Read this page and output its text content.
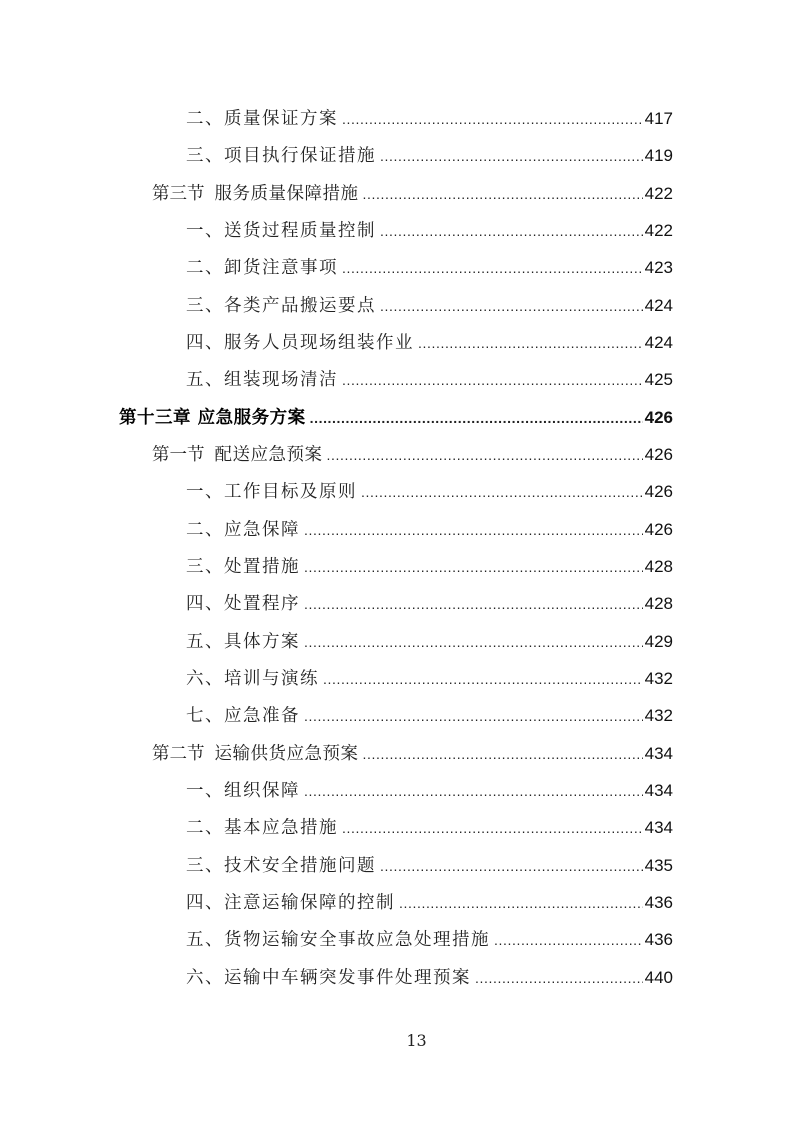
二、质量保证方案 .....	417
三、项目执行保证措施 .....	419
第三节 服务质量保障措施 .....	422
一、送货过程质量控制 .....	422
二、卸货注意事项 .....	423
三、各类产品搬运要点 .....	424
四、服务人员现场组装作业 .....	424
五、组装现场清洁 .....	425
第十三章 应急服务方案 .....	426
第一节 配送应急预案 .....	426
一、工作目标及原则 .....	426
二、应急保障 .....	426
三、处置措施 .....	428
四、处置程序 .....	428
五、具体方案 .....	429
六、培训与演练 .....	432
七、应急准备 .....	432
第二节 运输供货应急预案 .....	434
一、组织保障 .....	434
二、基本应急措施 .....	434
三、技术安全措施问题 .....	435
四、注意运输保障的控制 .....	436
五、货物运输安全事故应急处理措施 .....	436
六、运输中车辆突发事件处理预案 .....	440
13
